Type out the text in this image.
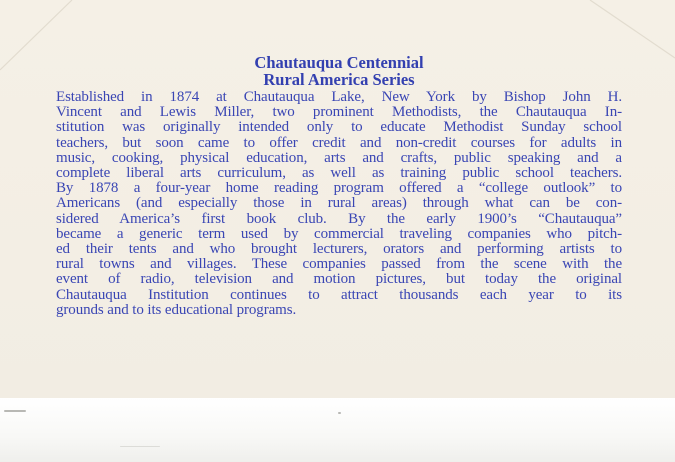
Chautauqua Centennial
Rural America Series
Established in 1874 at Chautauqua Lake, New York by Bishop John H.
Vincent and Lewis Miller, two prominent Methodists, the Chautauqua In-
stitution was originally intended only to educate Methodist Sunday school
teachers, but soon came to offer credit and non-credit courses for adults in
music, cooking, physical education, arts and crafts, public speaking and a
complete liberal arts curriculum, as well as training public school teachers.
By 1878 a four-year home reading program offered a “college outlook” to
Americans (and especially those in rural areas) through what can be con-
sidered America’s first book club. By the early 1900’s “Chautauqua”
became a generic term used by commercial traveling companies who pitch-
ed their tents and who brought lecturers, orators and performing artists to
rural towns and villages. These companies passed from the scene with the
event of radio, television and motion pictures, but today the original
Chautauqua Institution continues to attract thousands each year to its
grounds and to its educational programs.
